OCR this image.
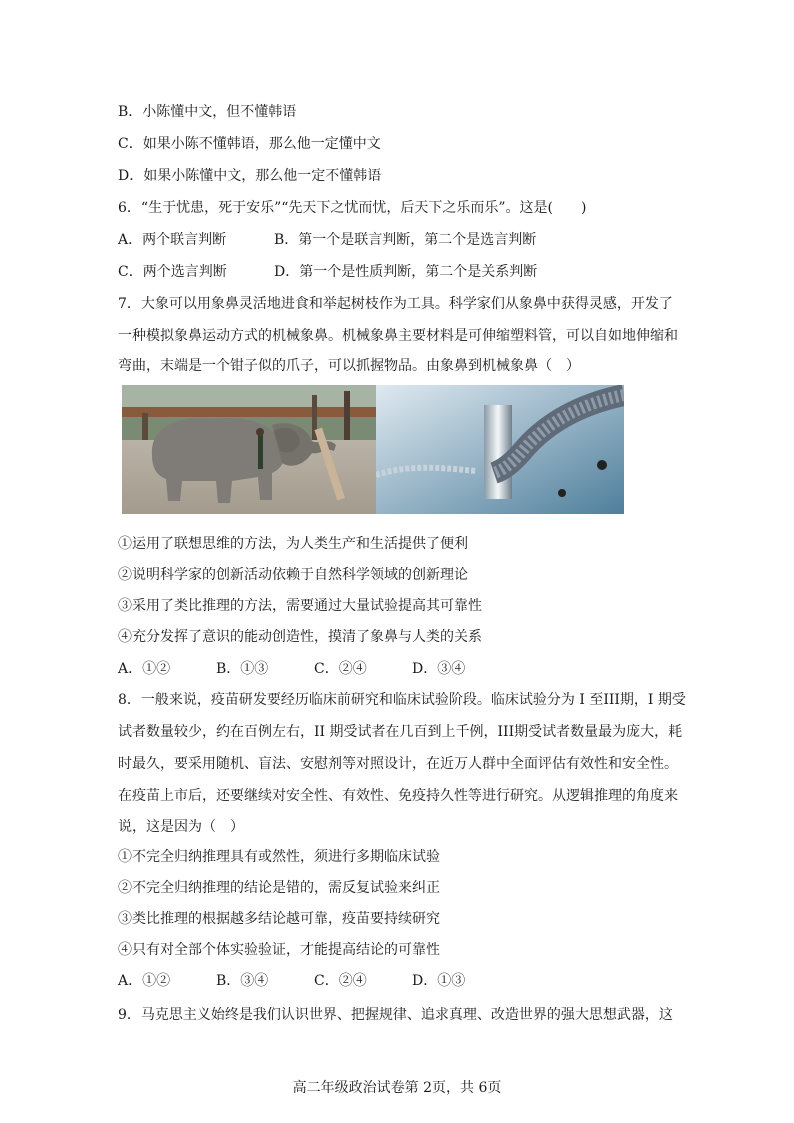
B．小陈懂中文，但不懂韩语
C．如果小陈不懂韩语，那么他一定懂中文
D．如果小陈懂中文，那么他一定不懂韩语
6．“生于忧患，死于安乐”“先天下之忧而忧，后天下之乐而乐”。这是(　　)
A．两个联言判断	B．第一个是联言判断，第二个是选言判断
C．两个选言判断	D．第一个是性质判断，第二个是关系判断
7．大象可以用象鼻灵活地进食和举起树枝作为工具。科学家们从象鼻中获得灵感，开发了
一种模拟象鼻运动方式的机械象鼻。机械象鼻主要材料是可伸缩塑料管，可以自如地伸缩和
弯曲，末端是一个钳子似的爪子，可以抓握物品。由象鼻到机械象鼻（　）
①运用了联想思维的方法，为人类生产和生活提供了便利
②说明科学家的创新活动依赖于自然科学领域的创新理论
③采用了类比推理的方法，需要通过大量试验提高其可靠性
④充分发挥了意识的能动创造性，摸清了象鼻与人类的关系
A．①②	B．①③	C．②④	D．③④
8．一般来说，疫苗研发要经历临床前研究和临床试验阶段。临床试验分为 I 至III期，I 期受
试者数量较少，约在百例左右，II 期受试者在几百到上千例，III期受试者数量最为庞大，耗
时最久，要采用随机、盲法、安慰剂等对照设计，在近万人群中全面评估有效性和安全性。
在疫苗上市后，还要继续对安全性、有效性、免疫持久性等进行研究。从逻辑推理的角度来
说，这是因为（　）
①不完全归纳推理具有或然性，须进行多期临床试验
②不完全归纳推理的结论是错的，需反复试验来纠正
③类比推理的根据越多结论越可靠，疫苗要持续研究
④只有对全部个体实验验证，才能提高结论的可靠性
A．①②	B．③④	C．②④	D．①③
9．马克思主义始终是我们认识世界、把握规律、追求真理、改造世界的强大思想武器，这
高二年级政治试卷第 2页，共 6页
